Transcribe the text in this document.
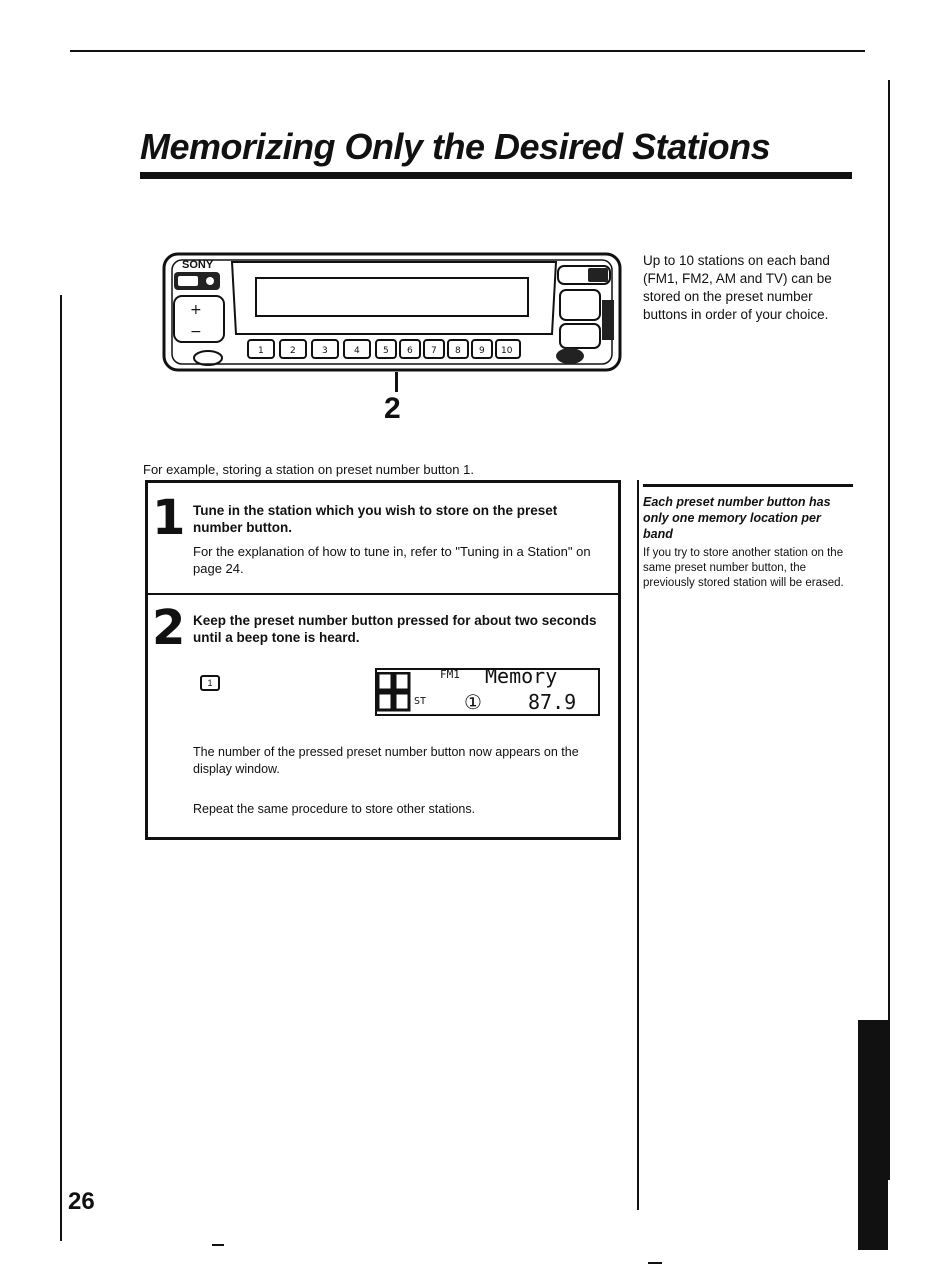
Memorizing Only the Desired Stations
SONY
+
−
1	2	3	4	5 6 7 8 9 10
2
Up to 10 stations on each band (FM1, FM2, AM and TV) can be stored on the preset number buttons in order of your choice.
For example, storing a station on preset number button 1.
1 Tune in the station which you wish to store on the preset number button.
For the explanation of how to tune in, refer to "Tuning in a Station" on page 24.
2 Keep the preset number button pressed for about two seconds until a beep tone is heard.
1
FM1 Memory
ST ① 87.9
The number of the pressed preset number button now appears on the display window.
Repeat the same procedure to store other stations.
Each preset number button has only one memory location per band
If you try to store another station on the same preset number button, the previously stored station will be erased.
26
